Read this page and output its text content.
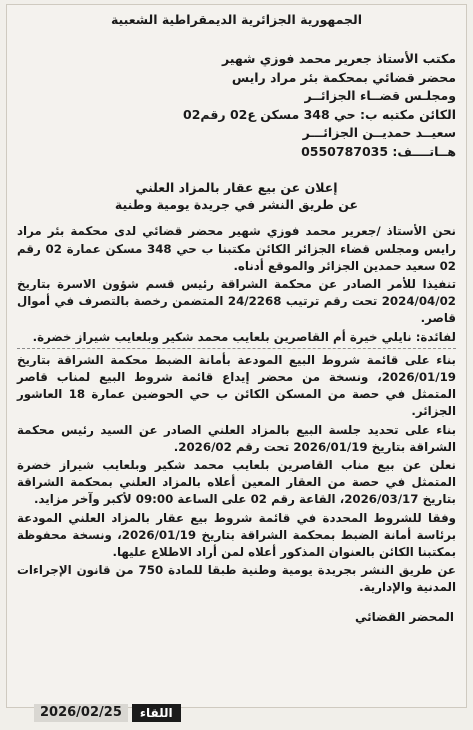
الجمهورية الجزائرية الديمقراطية الشعبية

مكتب الأستاذ جعرير محمد فوزي شهير

محضر قضائي بمحكمة بئر مراد رايس

ومجلـس قضــاء الجزائــر

الكائن مكتبه ب: حي 348 مسكن ع02 رقم02

سعيــد حمديــن الجزائـــر

هــاتــــف: 0550787035

إعلان عن بيع عقار بالمزاد العلني
عن طريق النشر في جريدة يومية وطنية

نحن الأستاذ /جعرير محمد فوزي شهير محضر قضائي لدى محكمة بئر مراد رايس ومجلس قضاء الجزائر الكائن مكتبنا ب حي 348 مسكن عمارة 02 رقم 02 سعيد حمدين الجزائر والموقع أدناه.

تنفيذا للأمر الصادر عن محكمة الشراقة رئيس قسم شؤون الاسرة بتاريخ 2024/04/02 تحت رقم ترتيب 24/2268 المتضمن رخصة بالتصرف في أموال قاصر.

لفائدة: نايلي خيرة أم القاصرين بلعايب محمد شكير وبلعايب شيراز خضرة.

بناء على قائمة شروط البيع المودعة بأمانة الضبط محكمة الشراقة بتاريخ 2026/01/19، ونسخة من محضر إيداع قائمة شروط البيع لمناب قاصر المتمثل في حصة من المسكن الكائن ب حي الحوضين عمارة 18 العاشور الجزائر.

بناء على تحديد جلسة البيع بالمزاد العلني الصادر عن السيد رئيس محكمة الشراقة بتاريخ 2026/01/19 تحت رقم 2026/02.

نعلن عن بيع مناب القاصرين بلعايب محمد شكير وبلعايب شيراز خضرة المتمثل في حصة من العقار المعين أعلاه بالمزاد العلني بمحكمة الشراقة بتاريخ 2026/03/17، القاعة رقم 02 على الساعة 09:00 لأكبر وآخر مزايد.

وفقا للشروط المحددة في قائمة شروط بيع عقار بالمزاد العلني المودعة برئاسة أمانة الضبط بمحكمة الشراقة بتاريخ 2026/01/19، ونسخة محفوظة بمكتبنا الكائن بالعنوان المذكور أعلاه لمن أراد الاطلاع عليها.

عن طريق النشر بجريدة يومية وطنية طبقا للمادة 750 من قانون الإجراءات المدنية والإدارية.

المحضر القضائي
اللقاء
2026/02/25
